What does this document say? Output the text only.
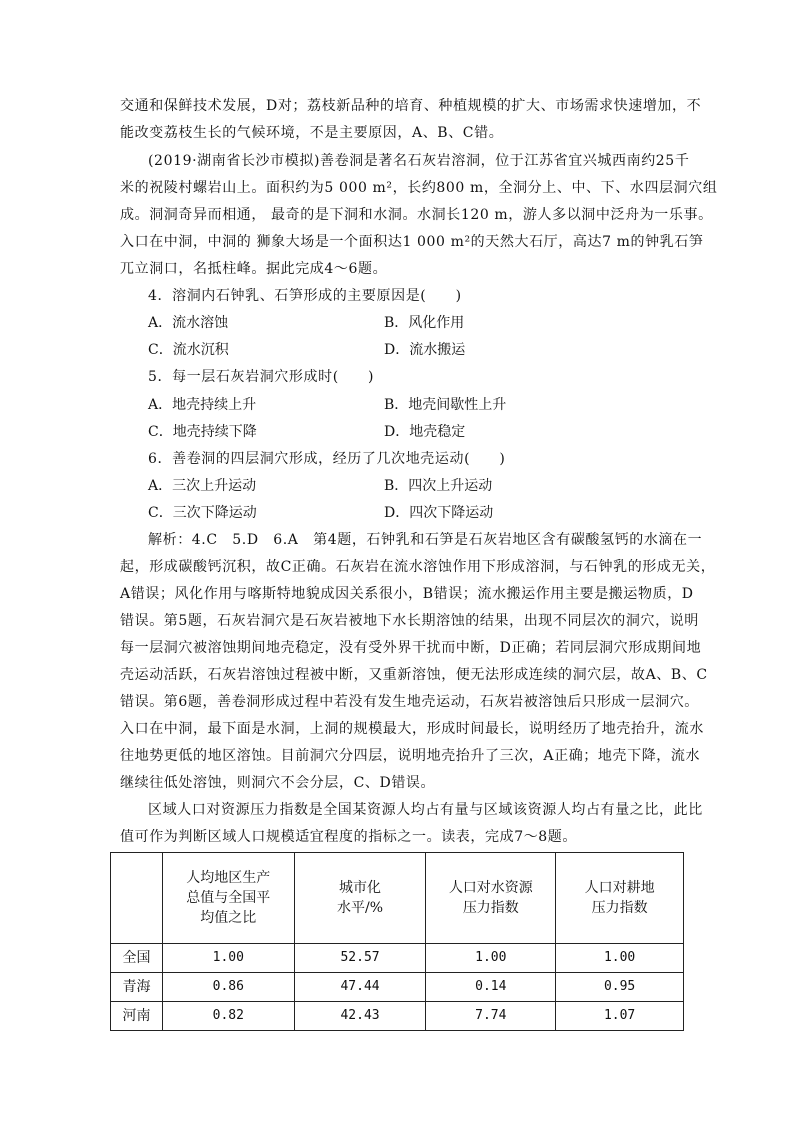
交通和保鲜技术发展，D对；荔枝新品种的培育、种植规模的扩大、市场需求快速增加，不
能改变荔枝生长的气候环境，不是主要原因，A、B、C错。
(2019·湖南省长沙市模拟)善卷洞是著名石灰岩溶洞，位于江苏省宜兴城西南约25千
米的祝陵村螺岩山上。面积约为5 000 m²，长约800 m，全洞分上、中、下、水四层洞穴组
成。洞洞奇异而相通， 最奇的是下洞和水洞。水洞长120 m，游人多以洞中泛舟为一乐事。
入口在中洞，中洞的 狮象大场是一个面积达1 000 m²的天然大石厅，高达7 m的钟乳石笋
兀立洞口，名抵柱峰。据此完成4～6题。
4．溶洞内石钟乳、石笋形成的主要原因是(　　)
A．流水溶蚀	B．风化作用
C．流水沉积	D．流水搬运
5．每一层石灰岩洞穴形成时(　　)
A．地壳持续上升	B．地壳间歇性上升
C．地壳持续下降	D．地壳稳定
6．善卷洞的四层洞穴形成，经历了几次地壳运动(　　)
A．三次上升运动	B．四次上升运动
C．三次下降运动	D．四次下降运动
解析：4.C　5.D　6.A　第4题，石钟乳和石笋是石灰岩地区含有碳酸氢钙的水滴在一
起，形成碳酸钙沉积，故C正确。石灰岩在流水溶蚀作用下形成溶洞，与石钟乳的形成无关，
A错误；风化作用与喀斯特地貌成因关系很小，B错误；流水搬运作用主要是搬运物质，D
错误。第5题，石灰岩洞穴是石灰岩被地下水长期溶蚀的结果，出现不同层次的洞穴，说明
每一层洞穴被溶蚀期间地壳稳定，没有受外界干扰而中断，D正确；若同层洞穴形成期间地
壳运动活跃，石灰岩溶蚀过程被中断，又重新溶蚀，便无法形成连续的洞穴层，故A、B、C
错误。第6题，善卷洞形成过程中若没有发生地壳运动，石灰岩被溶蚀后只形成一层洞穴。
入口在中洞，最下面是水洞，上洞的规模最大，形成时间最长，说明经历了地壳抬升，流水
往地势更低的地区溶蚀。目前洞穴分四层，说明地壳抬升了三次，A正确；地壳下降，流水
继续往低处溶蚀，则洞穴不会分层，C、D错误。
区域人口对资源压力指数是全国某资源人均占有量与区域该资源人均占有量之比，此比
值可作为判断区域人口规模适宜程度的指标之一。读表，完成7～8题。

	人均地区生产
总值与全国平
均值之比	城市化
水平/%	人口对水资源
压力指数	人口对耕地
压力指数

全国	1.00	52.57	1.00	1.00
青海	0.86	47.44	0.14	0.95
河南	0.82	42.43	7.74	1.07
